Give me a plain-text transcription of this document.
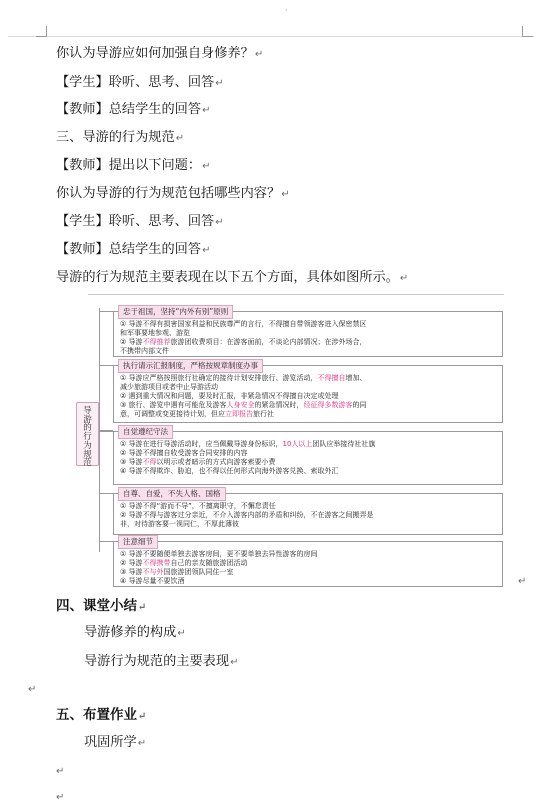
·
你认为导游应如何加强自身修养？↵
【学生】聆听、思考、回答↵
【教师】总结学生的回答↵
三、导游的行为规范↵
【教师】提出以下问题：↵
你认为导游的行为规范包括哪些内容？↵
【学生】聆听、思考、回答↵
【教师】总结学生的回答↵
导游的行为规范主要表现在以下五个方面，具体如图所示。↵
导游的行为规范
忠于祖国，坚持“内外有别”原则
① 导游不得有损害国家利益和民族尊严的言行，不得擅自带领游客进入保密禁区
和军事要地参观、游览
② 导游不得推荐旅游团收费项目：在游客面前，不谈论内部情况；在涉外场合，
不携带内部文件
执行请示汇报制度，严格按规章制度办事
① 导游应严格按照旅行社确定的接待计划安排旅行、游览活动，不得擅自增加、
减少旅游项目或者中止导游活动
② 遇到重大情况和问题，要及时汇报，非紧急情况不得擅自决定或处理
③ 旅行、游览中遇有可能危及游客人身安全的紧急情况时，经征得多数游客的同
意，可调整或变更接待计划，但应立即报告旅行社
自觉遵纪守法
① 导游在进行导游活动时，应当佩戴导游身份标识，10人以上团队应举接待社社旗
② 导游不得擅自收受游客合同安排的内容
③ 导游不得以明示或者暗示的方式向游客索要小费
④ 导游不得欺诈、胁迫，也不得以任何形式向海外游客兑换、索取外汇
自尊、自爱，不失人格、国格
① 导游不得“游而不导”，不擅离职守，不懈怠责任
② 导游不得与游客过分亲近，不介入游客内部的矛盾和纠纷，不在游客之间搬弄是
非，对待游客要一视同仁，不厚此薄彼
注意细节
① 导游不要随便单独去游客房间，更不要单独去异性游客的房间
② 导游不得携带自己的亲友随旅游团活动
③ 导游不与外国旅游团领队同住一室
④ 导游尽量不要饮酒	↵
四、课堂小结↵
导游修养的构成↵
导游行为规范的主要表现↵
↵
五、布置作业↵
巩固所学↵
↵
↵
